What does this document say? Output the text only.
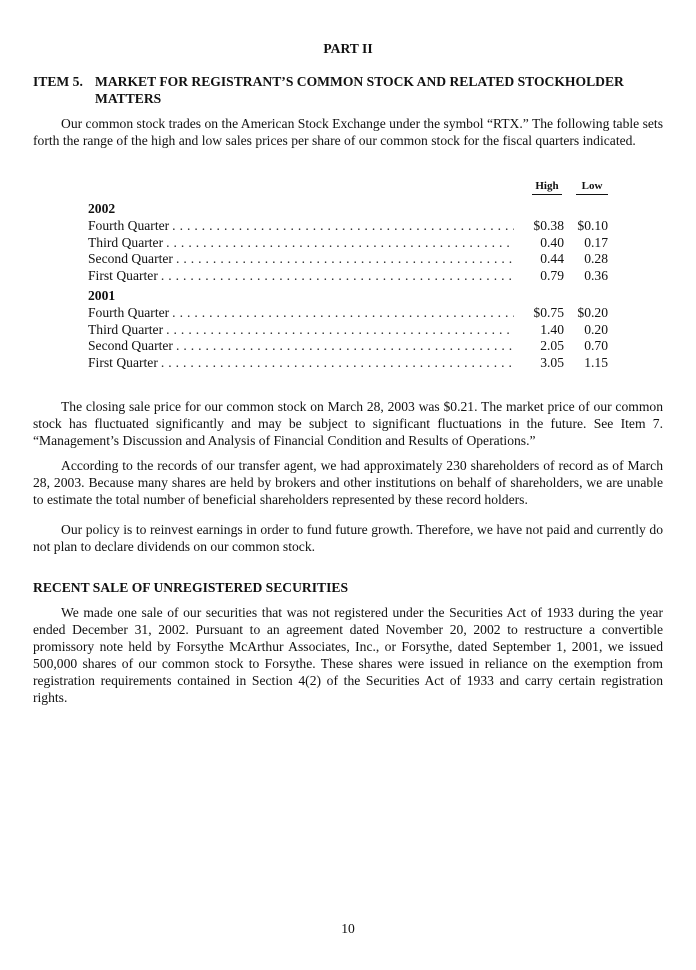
PART II
ITEM 5. MARKET FOR REGISTRANT’S COMMON STOCK AND RELATED STOCKHOLDER MATTERS

Our common stock trades on the American Stock Exchange under the symbol “RTX.” The following table sets forth the range of the high and low sales prices per share of our common stock for the fiscal quarters indicated.

High	Low
2002
Fourth Quarter . . .	$0.38 $0.10
Third Quarter . . .	0.40	0.17
Second Quarter . . .	0.44	0.28
First Quarter . . .	0.79	0.36
2001
Fourth Quarter . . .	$0.75 $0.20
Third Quarter . . .	1.40	0.20
Second Quarter . . .	2.05	0.70
First Quarter . . .	3.05	1.15

The closing sale price for our common stock on March 28, 2003 was $0.21. The market price of our common stock has fluctuated significantly and may be subject to significant fluctuations in the future. See Item 7. “Management’s Discussion and Analysis of Financial Condition and Results of Operations.”

According to the records of our transfer agent, we had approximately 230 shareholders of record as of March 28, 2003. Because many shares are held by brokers and other institutions on behalf of shareholders, we are unable to estimate the total number of beneficial shareholders represented by these record holders.

Our policy is to reinvest earnings in order to fund future growth. Therefore, we have not paid and currently do not plan to declare dividends on our common stock.

RECENT SALE OF UNREGISTERED SECURITIES

We made one sale of our securities that was not registered under the Securities Act of 1933 during the year ended December 31, 2002. Pursuant to an agreement dated November 20, 2002 to restructure a convertible promissory note held by Forsythe McArthur Associates, Inc., or Forsythe, dated September 1, 2001, we issued 500,000 shares of our common stock to Forsythe. These shares were issued in reliance on the exemption from registration requirements contained in Section 4(2) of the Securities Act of 1933 and carry certain registration rights.

10
